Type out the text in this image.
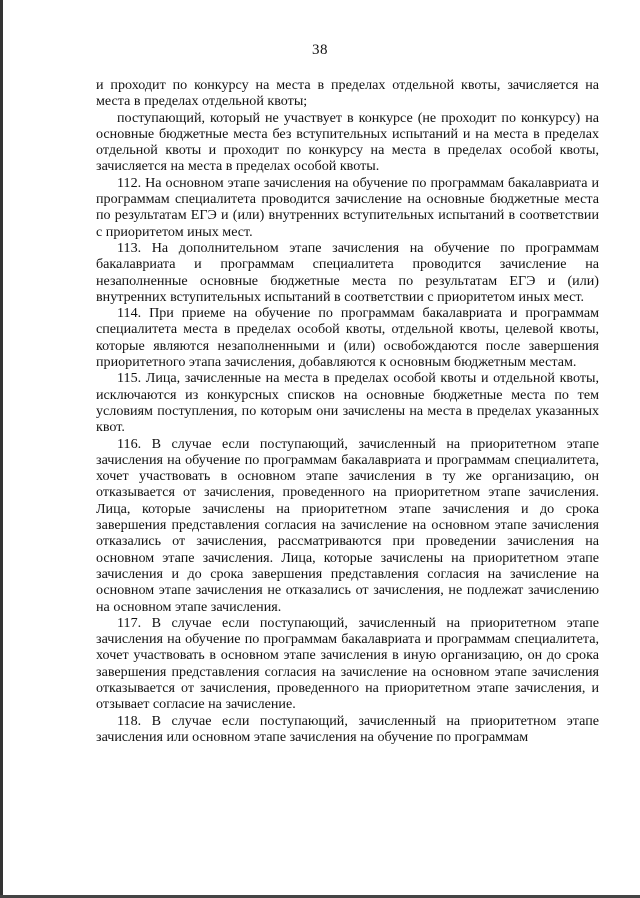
38

и проходит по конкурсу на места в пределах отдельной квоты, зачисляется на места в пределах отдельной квоты;

поступающий, который не участвует в конкурсе (не проходит по конкурсу) на основные бюджетные места без вступительных испытаний и на места в пределах отдельной квоты и проходит по конкурсу на места в пределах особой квоты, зачисляется на места в пределах особой квоты.

112. На основном этапе зачисления на обучение по программам бакалавриата и программам специалитета проводится зачисление на основные бюджетные места по результатам ЕГЭ и (или) внутренних вступительных испытаний в соответствии с приоритетом иных мест.

113. На дополнительном этапе зачисления на обучение по программам бакалавриата и программам специалитета проводится зачисление на незаполненные основные бюджетные места по результатам ЕГЭ и (или) внутренних вступительных испытаний в соответствии с приоритетом иных мест.

114. При приеме на обучение по программам бакалавриата и программам специалитета места в пределах особой квоты, отдельной квоты, целевой квоты, которые являются незаполненными и (или) освобождаются после завершения приоритетного этапа зачисления, добавляются к основным бюджетным местам.

115. Лица, зачисленные на места в пределах особой квоты и отдельной квоты, исключаются из конкурсных списков на основные бюджетные места по тем условиям поступления, по которым они зачислены на места в пределах указанных квот.

116. В случае если поступающий, зачисленный на приоритетном этапе зачисления на обучение по программам бакалавриата и программам специалитета, хочет участвовать в основном этапе зачисления в ту же организацию, он отказывается от зачисления, проведенного на приоритетном этапе зачисления. Лица, которые зачислены на приоритетном этапе зачисления и до срока завершения представления согласия на зачисление на основном этапе зачисления отказались от зачисления, рассматриваются при проведении зачисления на основном этапе зачисления. Лица, которые зачислены на приоритетном этапе зачисления и до срока завершения представления согласия на зачисление на основном этапе зачисления не отказались от зачисления, не подлежат зачислению на основном этапе зачисления.

117. В случае если поступающий, зачисленный на приоритетном этапе зачисления на обучение по программам бакалавриата и программам специалитета, хочет участвовать в основном этапе зачисления в иную организацию, он до срока завершения представления согласия на зачисление на основном этапе зачисления отказывается от зачисления, проведенного на приоритетном этапе зачисления, и отзывает согласие на зачисление.

118. В случае если поступающий, зачисленный на приоритетном этапе зачисления или основном этапе зачисления на обучение по программам
